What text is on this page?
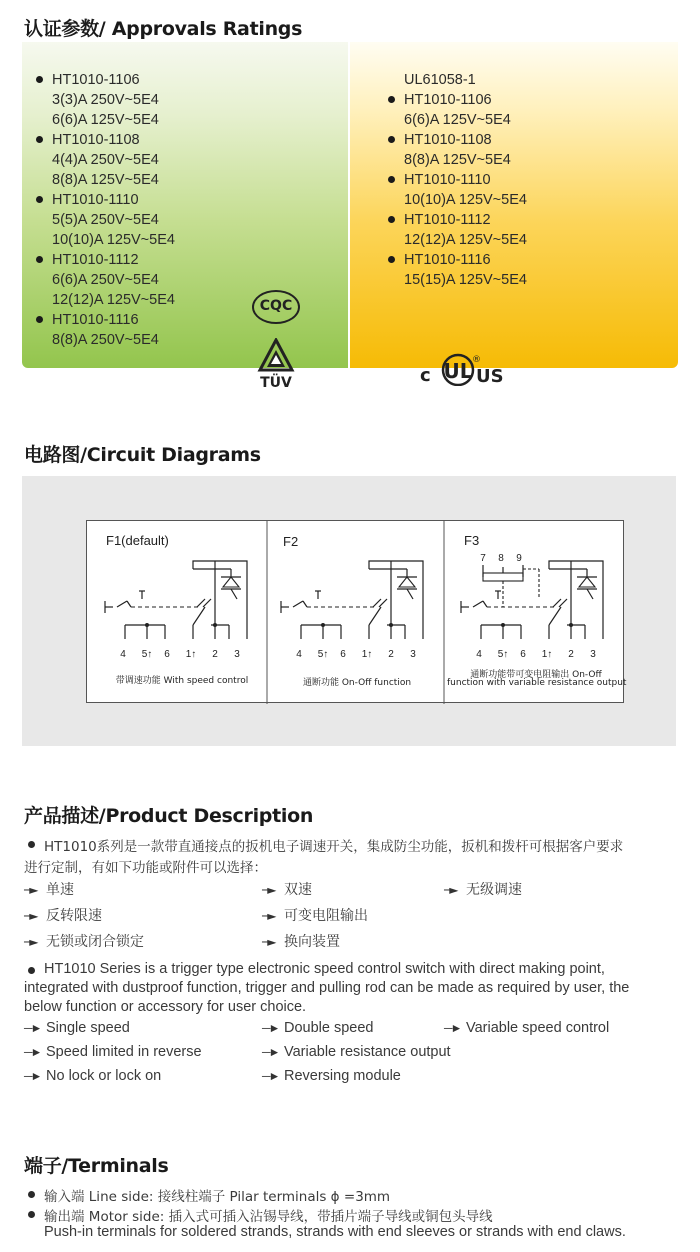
认证参数/ Approvals Ratings
HT1010-1106
3(3)A 250V~5E4
6(6)A 125V~5E4
HT1010-1108
4(4)A 250V~5E4
8(8)A 125V~5E4
HT1010-1110
5(5)A 250V~5E4
10(10)A 125V~5E4
HT1010-1112
6(6)A 250V~5E4
12(12)A 125V~5E4
HT1010-1116
8(8)A 250V~5E4
UL61058-1
HT1010-1106
6(6)A 125V~5E4
HT1010-1108
8(8)A 125V~5E4
HT1010-1110
10(10)A 125V~5E4
HT1010-1112
12(12)A 125V~5E4
HT1010-1116
15(15)A 125V~5E4
CQC
TÜV	c UL ®
US
电路图/Circuit Diagrams
4 5↑ 6 1↑ 2 3	4 5↑ 6 1↑ 2 3
7 8 9
4 5↑ 6 1↑ 2 3
F1(default)	F2	F3
带调速功能 With speed control	通断功能 On-Off function
通断功能带可变电阻输出 On-Off
function with variable resistance output
产品描述/Product Description
HT1010系列是一款带直通接点的扳机电子调速开关，集成防尘功能，扳机和拨杆可根据客户要求
进行定制，有如下功能或附件可以选择：
─► 单速	─► 双速	─► 无级调速
─► 反转限速	─► 可变电阻输出
─► 无锁或闭合锁定	─► 换向装置
HT1010 Series is a trigger type electronic speed control switch with direct making point,
integrated with dustproof function, trigger and pulling rod can be made as required by user, the
below function or accessory for user choice.
─► Single speed	─► Double speed	─► Variable speed control
─► Speed limited in reverse	─► Variable resistance output
─► No lock or lock on	─► Reversing module
端子/Terminals
输入端 Line side: 接线柱端子 Pilar terminals ϕ =3mm
输出端 Motor side: 插入式可插入沾锡导线，带插片端子导线或铜包头导线
Push-in terminals for soldered strands, strands with end sleeves or strands with end claws.
